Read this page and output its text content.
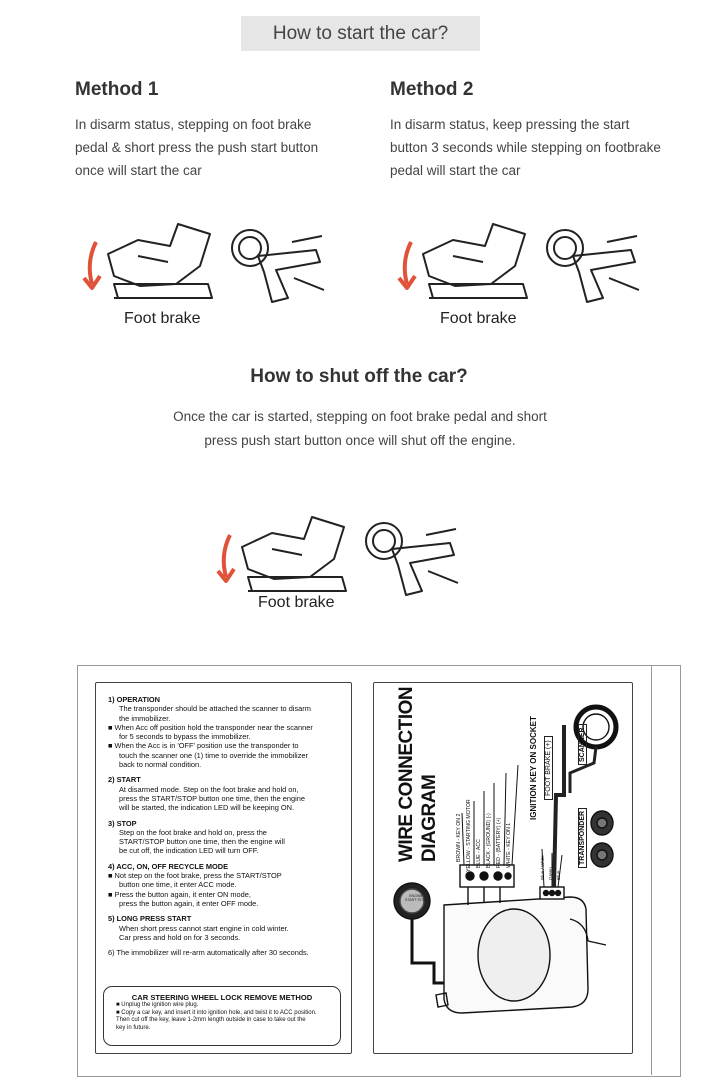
How to start the car?
Method 1
In disarm status, stepping on foot brake
pedal & short press the push start button
once will start the car
Method 2
In disarm status, keep pressing the start
button 3 seconds while stepping on footbrake
pedal will start the car
Foot brake	Foot brake
How to shut off the car?
Once the car is started, stepping on foot brake pedal and short
press push start button once will shut off the engine.
Foot brake
1) OPERATION
The transponder should be attached the scanner to disarm
the immobilizer.
■ When Acc off position hold the transponder near the scanner
for 5 seconds to bypass the immobilizer.
■ When the Acc is in 'OFF' position use the transponder to
touch the scanner one (1) time to override the immobilizer
back to normal condition.
2) START
At disarmed mode. Step on the foot brake and hold on,
press the START/STOP button one time, then the engine
will be started, the indication LED will be keeping ON.
3) STOP
Step on the foot brake and hold on, press the
START/STOP button one time, then the engine will
be cut off, the indication LED will turn OFF.
4) ACC, ON, OFF RECYCLE MODE
■ Not step on the foot brake, press the START/STOP
button one time, it enter ACC mode.
■ Press the button again, it enter ON mode,
press the button again, it enter OFF mode.
5) LONG PRESS START
When short press cannot start engine in cold winter.
Car press and hold on for 3 seconds.
6) The immobilizer will re-arm automatically after 30 seconds.
CAR STEERING WHEEL LOCK REMOVE METHOD
■ Unplug the ignition wire plug.
■ Copy a car key, and insert it into ignition hole, and twist it to ACC position.
Then cut off the key, leave 1-2mm length outside in case to take out the
key in future.
WIRE CONNECTION DIAGRAM	BROWN - KEY ON 2 YELLOW - STARTING MOTOR BLUE - ACC BLACK - (GROUND) (-) RED - (BATTERY) (+) WHITE - KEY ON 1
IGNITION KEY ON SOCKET FOOT BRAKE (+)	SCANNER
TRANSPONDER
Blue / White Green Blue
ENGINE START STOP
